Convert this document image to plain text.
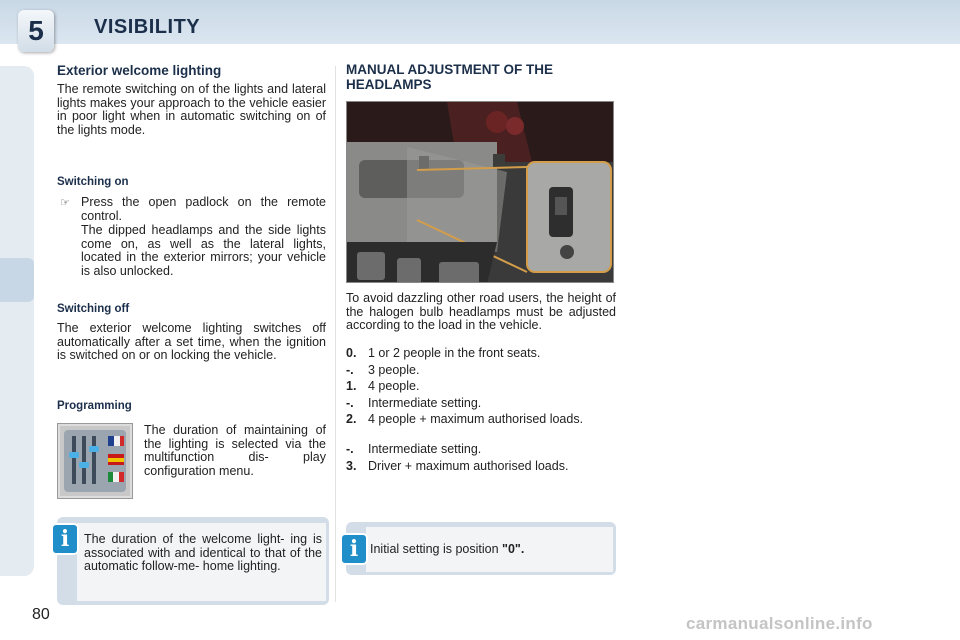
5	VISIBILITY
Exterior welcome lighting
The remote switching on of the lights and lateral lights makes your approach to the vehicle easier in poor light when in automatic switching on of the lights mode.
Switching on
☞ Press the open padlock on the remote control.
The dipped headlamps and the side lights come on, as well as the lateral lights, located in the exterior mirrors; your vehicle is also unlocked.
Switching off
The exterior welcome lighting switches off automatically after a set time, when the ignition is switched on or on locking the vehicle.
Programming
The duration of maintaining of the lighting is selected via the multifunction dis- play configuration menu.
The duration of the welcome light- ing is associated with and identical to that of the automatic follow-me- home lighting.
i
MANUAL ADJUSTMENT OF THE HEADLAMPS
To avoid dazzling other road users, the height of the halogen bulb headlamps must be adjusted according to the load in the vehicle.
0. 1 or 2 people in the front seats.
-. 3 people.
1. 4 people.
-. Intermediate setting.
2. 4 people + maximum authorised loads.
-. Intermediate setting.
3. Driver + maximum authorised loads.
Initial setting is position "0".
i
80	carmanualsonline.info
